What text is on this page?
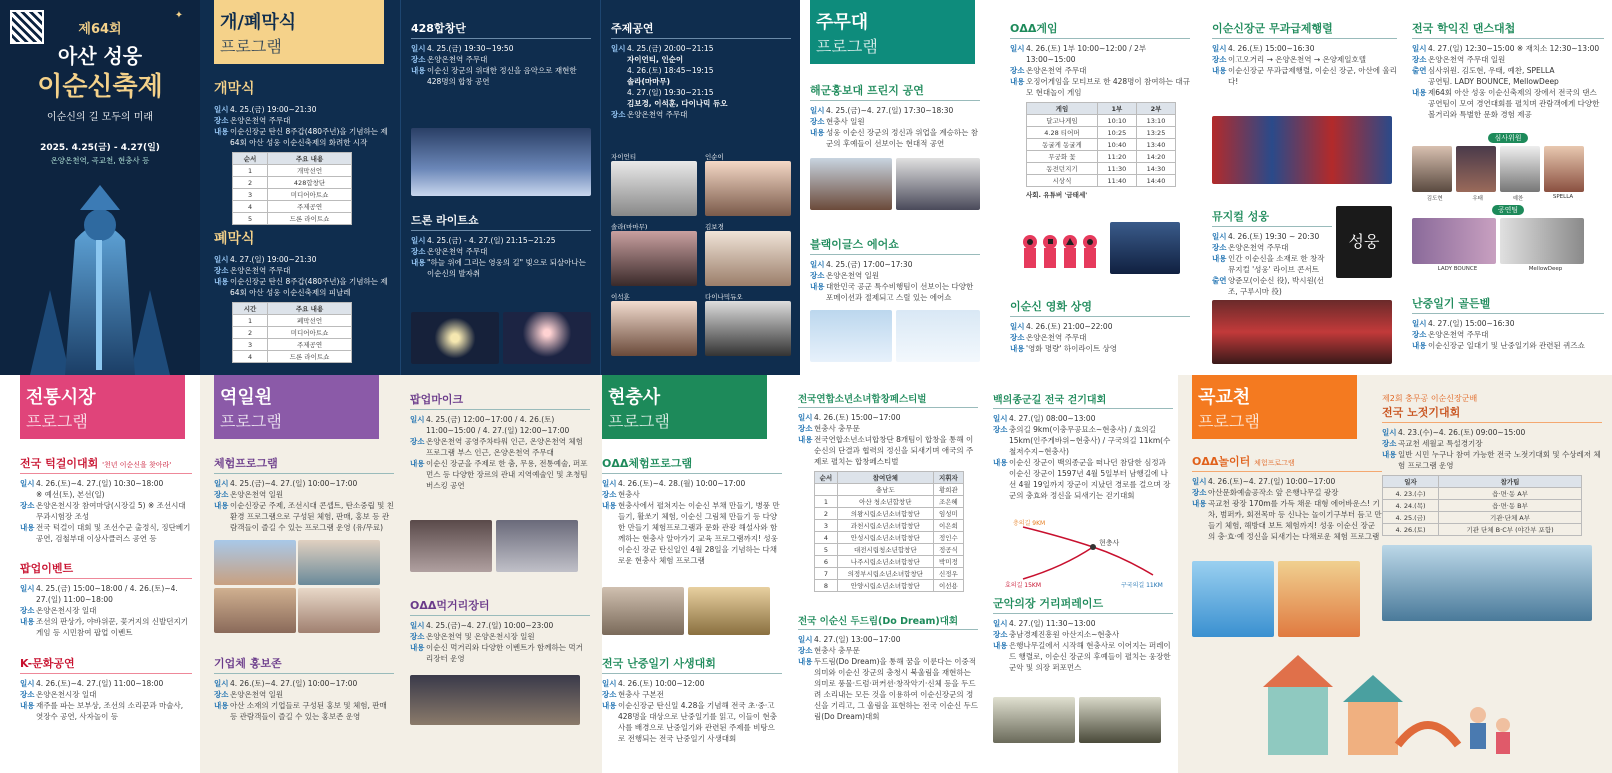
✦
제64회
아산 성웅
이순신축제
이순신의 길 모두의 미래
2025. 4.25(금) - 4.27(일)
온양온천역, 곡교천, 현충사 등
개/폐막식
프로그램
개막식
일시 4. 25.(금) 19:00~21:30
장소 온양온천역 주무대
내용 이순신장군 탄신 8주갑(480주년)을 기념하는 제64회 아산 성웅 이순신축제의 화려한 시작
순서	주요 내용
1	개막선언
2	428합창단
3	미디어아트쇼
4	주제공연
5	드론 라이트쇼
폐막식
일시 4. 27.(일) 19:00~21:30
장소 온양온천역 주무대
내용 이순신장군 탄신 8주갑(480주년)을 기념하는 제64회 아산 성웅 이순신축제의 피날레
시간	주요 내용
1	폐막선언
2	미디어아트쇼
3	주제공연
4	드론 라이트쇼
428합창단
일시 4. 25.(금) 19:30~19:50
장소 온양온천역 주무대
내용 이순신 장군의 위대한 정신을 음악으로 재현한 428명의 합창 공연
드론 라이트쇼
일시 4. 25.(금) - 4. 27.(일) 21:15~21:25
장소 온양온천역 주무대
내용 "하늘 위에 그리는 영웅의 길" 빛으로 되살아나는 이순신의 발자취
주제공연
일시 4. 25.(금) 20:00~21:15
자이언티, 인순이
4. 26.(토) 18:45~19:15
솔라(마마무)
4. 27.(일) 19:30~21:15
김보경, 이석훈, 다이나믹 듀오
장소 온양온천역 주무대
자이언티	인순이
솔라(마마무)	김보경
이석훈	다이나믹듀오
주무대
프로그램
해군홍보대 프린지 공연
일시 4. 25.(금)~4. 27.(일) 17:30~18:30
장소 현충사 일원
내용 성웅 이순신 장군의 정신과 위업을 계승하는 참군의 후예들이 선보이는 현대적 공연
블랙이글스 에어쇼
일시 4. 25.(금) 17:00~17:30
장소 온양온천역 일원
내용 대한민국 공군 특수비행팀이 선보이는 다양한 포메이션과 절제되고 스릴 있는 에어쇼
OΔΔ게임
일시 4. 26.(토) 1부 10:00~12:00 / 2부 13:00~15:00
장소 온양온천역 주무대
내용 오징어게임을 모티브로 한 428명이 참여하는 대규모 현대놀이 게임
게임	1부	2부
달고나게임	10:10	13:10
4.28 티어머	10:25	13:25
동굴게 동굴게	10:40	13:40
무궁화 꽃	11:20	14:20
동전던지기	11:30	14:30
시상식	11:40	14:40
사회. 유튜버 '금태세'
이순신 영화 상영
일시 4. 26.(토) 21:00~22:00
장소 온양온천역 주무대
내용 '영화 명량' 하이라이트 상영
이순신장군 무과급제행렬
일시 4. 26.(토) 15:00~16:30
장소 이고오거리 → 온양온천역 → 온양제일호텔
내용 이순신장군 무과급제행렬, 이순신 장군, 아산에 울리다!
뮤지컬 성웅
일시 4. 26.(토) 19:30 ~ 20:30
장소 온양온천역 주무대
내용 인간 이순신을 소재로 한 창작 뮤지컬 '성웅' 라이브 콘서트
출연 양준모(이순신 役), 박시원(선조, 구루시마 役)
성웅
전국 학익진 댄스대첩
일시 4. 27.(일) 12:30~15:00 ※ 재치소 12:30~13:00
장소 온양온천역 주무대 일원
출연 심사위원. 김도현, 우태, 예찬, SPELLA
공연팀. LADY BOUNCE, MellowDeep
내용 제64회 아산 성웅 이순신축제의 장에서 전국의 댄스 공연팀이 모여 경연대회를 펼치며 관람객에게 다양한 볼거리와 특별한 문화 경험 제공
심사위원
김도현	우태	예찬	SPELLA
공연팀
LADY BOUNCE	MellowDeep
난중일기 골든벨
일시 4. 27.(일) 15:00~16:30
장소 온양온천역 주무대
내용 이순신장군 일대기 및 난중일기와 관련된 퀴즈쇼
전통시장
프로그램
전국 턱걸이대회 '천년 이순신을 찾아라'
일시 4. 26.(토)~4. 27.(일) 10:30~18:00
※ 예선(토), 본선(일)
장소 온양온천시장 참여마당(시장길 5) ※ 조선시대 무과시험장 조성
내용 전국 턱걸이 대회 및 조선수군 출정식, 징단베기 공연, 검철부대 이상사클러스 공연 등
팝업이벤트
일시 4. 25.(금) 15:00~18:00 / 4. 26.(토)~4. 27.(일) 11:00~18:00
장소 온양온천시장 일대
내용 조선의 판상가, 야바위꾼, 꽃거지의 신발던지기 게임 등 시민참여 팝업 이벤트
K-문화공연
일시 4. 26.(토)~4. 27.(일) 11:00~18:00
장소 온양온천시장 일대
내용 재주를 파는 보부상, 조선의 소리꾼과 마술사, 엿장수 공연, 사자놀이 등
역일원
프로그램
체험프로그램
일시 4. 25.(금)~4. 27.(일) 10:00~17:00
장소 온양온천역 일원
내용 이순신장군 주제, 조선시대 콘셉트, 탄소중립 및 친환경 프로그램으로 구성된 체험, 판매, 홍보 등 관람객들이 즐길 수 있는 프로그램 운영 (유/무료)
기업체 홍보존
일시 4. 26.(토)~4. 27.(일) 10:00~17:00
장소 온양온천역 일원
내용 아산 소재의 기업들로 구성된 홍보 및 체험, 판매 등 관람객들이 즐길 수 있는 홍보존 운영
팝업마이크
일시 4. 25.(금) 12:00~17:00 / 4. 26.(토) 11:00~15:00 / 4. 27.(일) 12:00~17:00
장소 온양온천역 공영주차타워 인근, 온양온천역 체험프로그램 부스 인근, 온양온천역 주무대
내용 이순신 장군을 주제로 한 춤, 무용, 전통예술, 퍼포먼스 등 다양한 장르의 관내 지역예술인 및 초청팀 버스킹 공연
OΔΔ먹거리장터
일시 4. 25.(금)~4. 27.(일) 10:00~23:00
장소 온양온천역 및 온양온천시장 일원
내용 이순신 먹거리와 다양한 이벤트가 함께하는 먹거리장터 운영
현충사
프로그램
OΔΔ체험프로그램
일시 4. 26.(토)~4. 28.(월) 10:00~17:00
장소 현충사
내용 현충사에서 펼쳐지는 이순신 부채 만들기, 병풍 만들기, 활쏘기 체험, 이순신 그림체 만들기 등 다양한 만들기 체험프로그램과 문화 관광 해설사와 함께하는 현충사 알아가기 교육 프로그램까지! 성웅 이순신 장군 탄신일인 4월 28일을 기념하는 다채로운 현충사 체험 프로그램
전국 난중일기 사생대회
일시 4. 26.(토) 10:00~12:00
장소 현충사 구본전
내용 이순신장군 탄신일 4.28을 기념해 전국 초·중·고 428명을 대상으로 난중일기를 읽고, 이들이 현충사를 배경으로 난중일기와 관련된 주제를 비탕으로 전행되는 전국 난중일기 사생대회
전국연합소년소녀합창페스티벌
일시 4. 26.(토) 15:00~17:00
장소 현충사 충무문
내용 전국연합소년소녀합창단 8개팀이 합창을 통해 이순신의 단결과 협력의 정신을 되새기며 애국의 주제로 펼치는 합창페스티벌
순서	참여단체	지휘자
	충남도	황희관
1	아산 청소년합창단	조은혜
2	의왕시립소년소녀합창단	임성미
3	과천시립소년소녀합창단	이은희
4	안성시립소년소녀합창단	정인수
5	대전시립청소년합창단	정공식
6	나주시립소년소녀합창단	박미정
7	의정부시립소년소녀합창단	신정우
8	안양시립소년소녀합창단	이선용
전국 이순신 두드림(Do Dream)대회
일시 4. 27.(일) 13:00~17:00
장소 현충사 충무문
내용 두드림(Do Dream)을 통해 꿈을 이룬다는 이중적 의미와 이순신 장군의 충청시 북울림을 재현하는 의미로 풍물·드럼·퍼커션·창작악기·신체 등을 두드려 소리내는 모든 것을 이용하여 이순신장군의 정신을 기리고, 그 울림을 표현하는 전국 이순신 두드림(Do Dream)대회
백의종군길 전국 걷기대회
일시 4. 27.(일) 08:00~13:00
장소 충의길 9km(이충무공묘소~현충사) / 효의길 15km(인주게바위~현충사) / 구국의길 11km(수철저수지~현충사)
내용 이순신 장군이 백의종군을 떠나던 참담한 심정과 이순신 장군이 1597년 4월 5일부터 남행길에 나선 4월 19일까지 장군이 지났던 경로를 걸으며 장군의 충효와 정신을 되새기는 걷기대회
충의길 9KM
현충사
효의길 15KM	구국의길 11KM
군악의장 거리퍼레이드
일시 4. 27.(일) 11:30~13:00
장소 충남경제진흥원 아산지소~현충사
내용 은행나무길에서 시작해 현충사로 이어지는 퍼레이드 행렬로, 이순신 장군의 후예들이 펼치는 웅장한 군악 및 의장 퍼포먼스
곡교천
프로그램
OΔΔ놀이터 체험프로그램
일시 4. 26.(토)~4. 27.(일) 10:00~17:00
장소 아산문화예술공작소 앞 은행나무길 광장
내용 곡교천 광장 170m를 가득 채운 대형 에어바운스! 기차, 범퍼카, 회전목마 등 신나는 놀이기구부터 듬고 만들기 체험, 해방대 보트 체험까지! 성웅 이순신 장군의 충·효·예 정신을 되새기는 다채로운 체험 프로그램
제2회 충무공 이순신장군배
전국 노젓기대회
일시 4. 23.(수)~4. 26.(토) 09:00~15:00
장소 곡교천 세월교 특설경기장
내용 일반 시민 누구나 참여 가능한 전국 노젓기대회 및 수상레저 체험 프로그램 운영
일자	참가팀
4. 23.(수)	읍·면·동 A부
4. 24.(목)	읍·면·동 B부
4. 25.(금)	기관·단체 A부
4. 26.(토)	기관 단체 B·C부 (야간부 포함)
